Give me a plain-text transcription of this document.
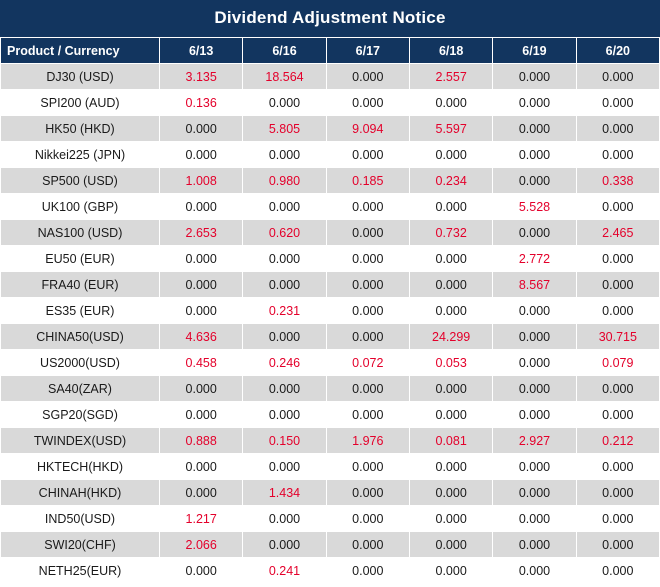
Dividend Adjustment Notice
Product / Currency	6/13	6/16	6/17	6/18	6/19	6/20
DJ30 (USD)	3.135	18.564	0.000	2.557	0.000	0.000
SPI200 (AUD)	0.136	0.000	0.000	0.000	0.000	0.000
HK50 (HKD)	0.000	5.805	9.094	5.597	0.000	0.000
Nikkei225 (JPN)	0.000	0.000	0.000	0.000	0.000	0.000
SP500 (USD)	1.008	0.980	0.185	0.234	0.000	0.338
UK100 (GBP)	0.000	0.000	0.000	0.000	5.528	0.000
NAS100 (USD)	2.653	0.620	0.000	0.732	0.000	2.465
EU50 (EUR)	0.000	0.000	0.000	0.000	2.772	0.000
FRA40 (EUR)	0.000	0.000	0.000	0.000	8.567	0.000
ES35 (EUR)	0.000	0.231	0.000	0.000	0.000	0.000
CHINA50(USD)	4.636	0.000	0.000	24.299	0.000	30.715
US2000(USD)	0.458	0.246	0.072	0.053	0.000	0.079
SA40(ZAR)	0.000	0.000	0.000	0.000	0.000	0.000
SGP20(SGD)	0.000	0.000	0.000	0.000	0.000	0.000
TWINDEX(USD)	0.888	0.150	1.976	0.081	2.927	0.212
HKTECH(HKD)	0.000	0.000	0.000	0.000	0.000	0.000
CHINAH(HKD)	0.000	1.434	0.000	0.000	0.000	0.000
IND50(USD)	1.217	0.000	0.000	0.000	0.000	0.000
SWI20(CHF)	2.066	0.000	0.000	0.000	0.000	0.000
NETH25(EUR)	0.000	0.241	0.000	0.000	0.000	0.000
